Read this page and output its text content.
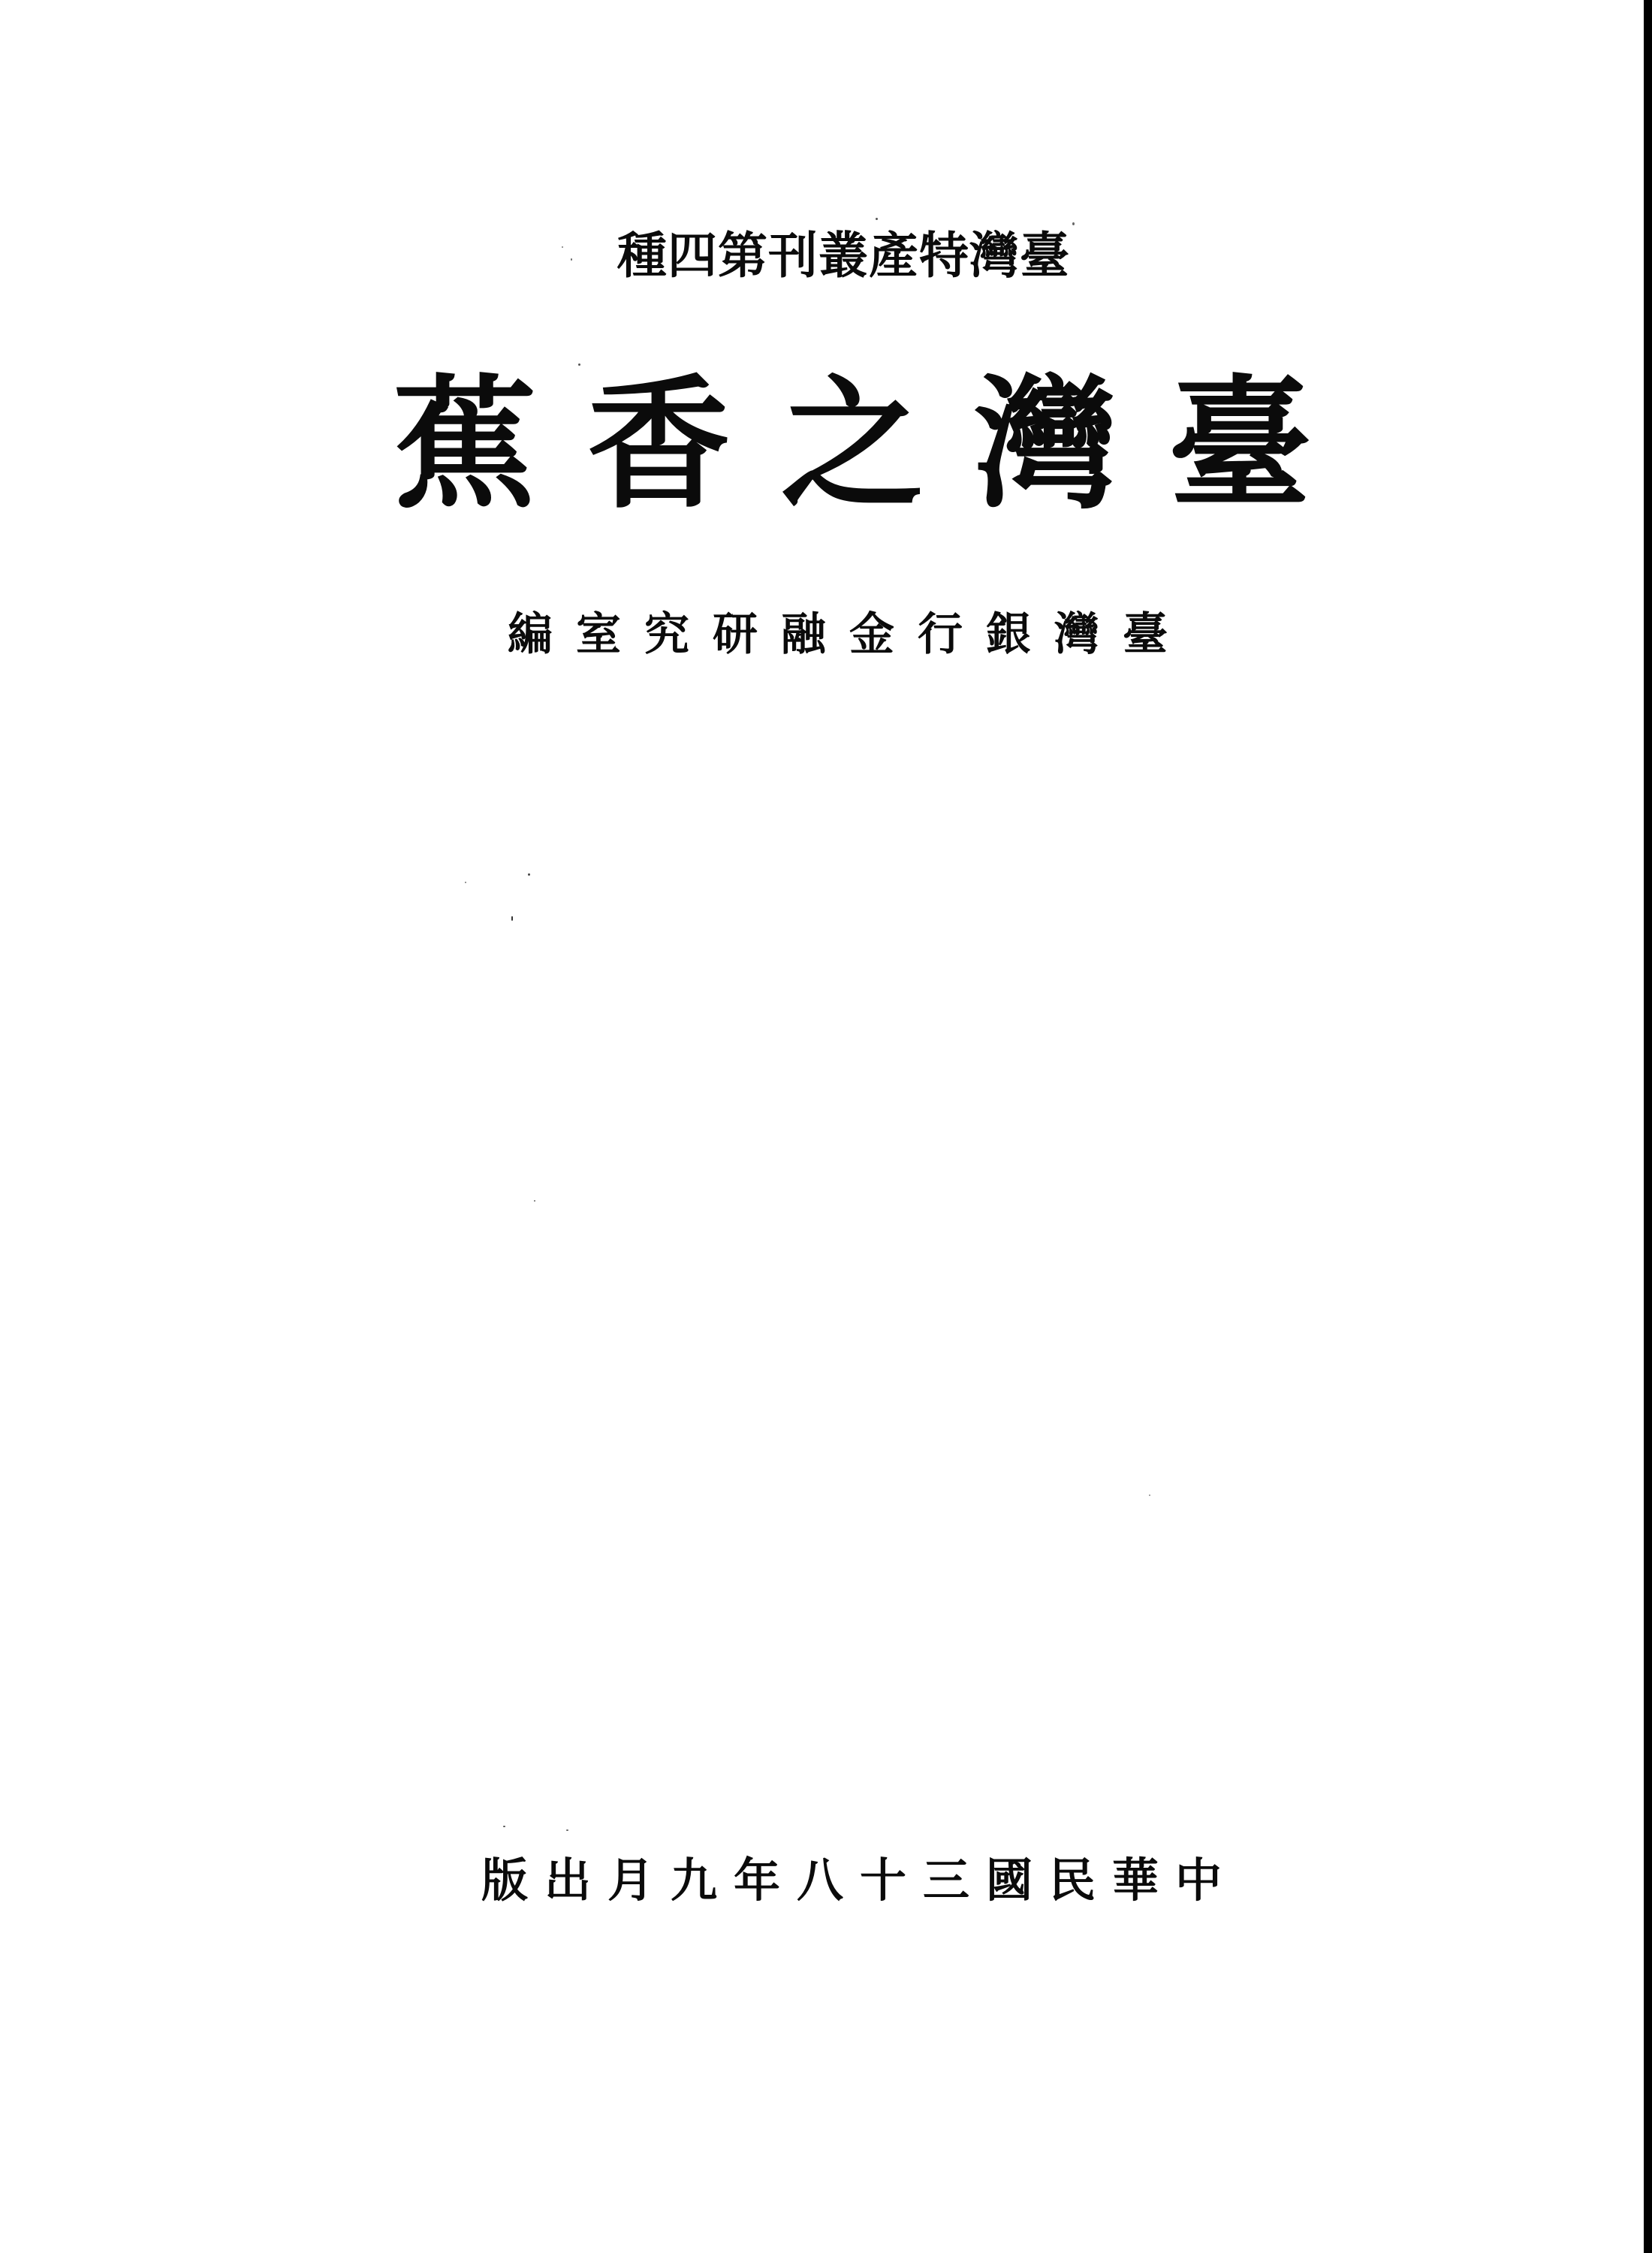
種四第刊叢產特灣臺
蕉香之灣臺
編室究研融金行銀灣臺
版出月九年八十三國民華中
